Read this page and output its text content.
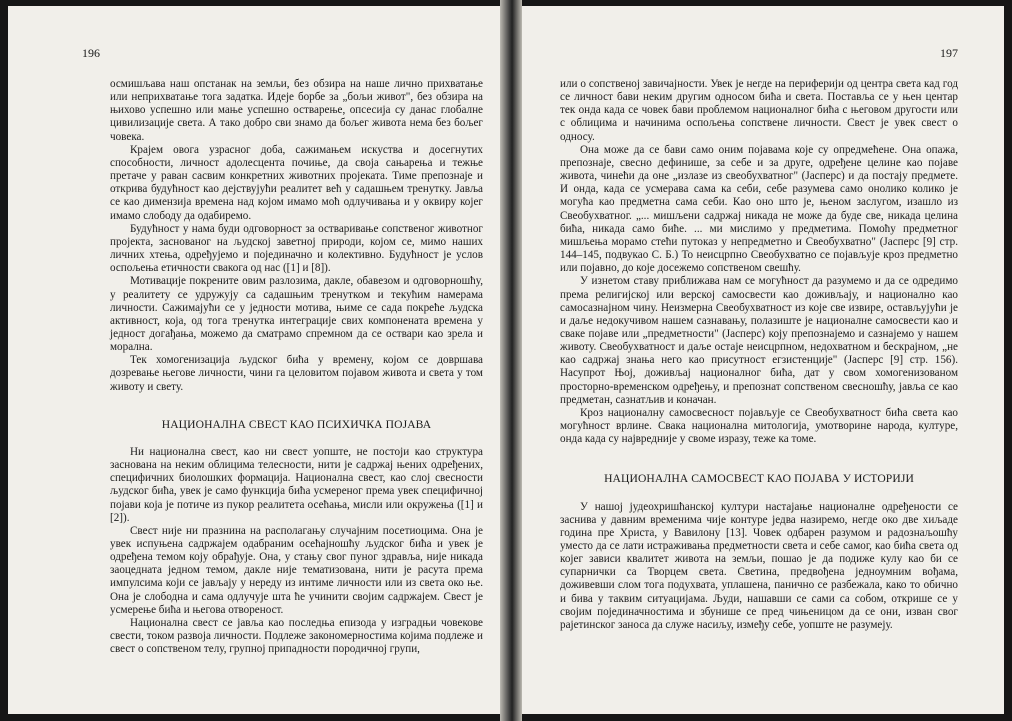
196

осмишљава наш опстанак на земљи, без обзира на наше лично прихватање или неприхватање тога задатка. Идеје борбе за „бољи живот", без обзира на њихово успешно или мање успешно остварење, опсесија су данас глобалне цивилизације света. А тако добро сви знамо да бољег живота нема без бољег човека.

Крајем овога узрасног доба, сажимањем искуства и досегнутих способности, личност адолесцента почиње, да своја сањарења и тежње претаче у раван сасвим конкретних животних пројеката. Тиме препознаје и открива будућност као дејствујући реалитет већ у садашњем тренутку. Јавља се као димензија времена над којом имамо моћ одлучивања и у оквиру којег имамо слободу да одабиремо.

Будућност у нама буди одговорност за остваривање сопственог животног пројекта, заснованог на људској заветној природи, којом се, мимо наших личних хтења, одређујемо и појединачно и колективно. Будућност је услов оспољења етичности свакога од нас ([1] и [8]).

Мотивације покрените овим разлозима, дакле, обавезом и одговорношћу, у реалитету се удружују са садашњим тренутком и текућим намерама личности. Сажимајући се у једности мотива, њиме се сада покреће људска активност, која, од тога тренутка интеграције свих компонената времена у једност догађања, можемо да сматрамо спремном да се оствари као зрела и морална.

Тек хомогенизација људског бића у времену, којом се довршава дозревање његове личности, чини га целовитом појавом живота и света у том животу и свету.

НАЦИОНАЛНА СВЕСТ КАО ПСИХИЧКА ПОЈАВА

Ни национална свест, као ни свест уопште, не постоји као структура заснована на неким облицима телесности, нити је садржај њених одређених, специфичних биолошких формација. Национална свест, као слој свесности људског бића, увек је само функција бића усмереног према увек специфичној појави која је потиче из пукор реалитета осећања, мисли или окружења ([1] и [2]).

Свест није ни празнина на располагању случајним посетиоцима. Она је увек испуњена садржајем одабраним осећајношћу људског бића и увек је одређена темом коју обрађује. Она, у стању свог пуног здравља, није никада заоцедната једном темом, дакле није тематизована, нити је расута према импулсима који се јављају у нереду из интиме личности или из света око ње. Она је слободна и сама одлучује шта ће учинити својим садржајем. Свест је усмерење бића и његова отвореност.

Национална свест се јавља као последња епизода у изградњи човекове свести, током развоја личности. Подлеже закономерностима којима подлеже и свест о сопственом телу, групној припадности породичној групи,

197

или о сопственој завичајности. Увек је негде на периферији од центра света кад год се личност бави неким другим односом бића и света. Поставља се у њен центар тек онда када се човек бави проблемом националног бића с његовом другости или с облицима и начинима оспољења сопствене личности. Свест је увек свест о односу.

Она може да се бави само оним појавама које су опредмећене. Она опажа, препознаје, свесно дефинише, за себе и за друге, одређене целине као појаве живота, чинећи да оне „излазе из свеобухватног" (Јасперс) и да постају предмете. И онда, када се усмерава сама ка себи, себе разумева само онолико колико је могућа као предметна сама себи. Као оно што је, њеном заслугом, изашло из Свеобухватног. „... мишљени садржај никада не може да буде све, никада целина бића, никада само биће. ... ми мислимо у предметима. Помоћу предметног мишљења морамо стећи путоказ у непредметно и Свеобухватно" (Јасперс [9] стр. 144–145, подвукао С. Б.) То неисцрпно Свеобухватно се појављује кроз предметно или појавно, до које досежемо сопственом свешћу.

У изнетом ставу приближава нам се могућност да разумемо и да се одредимо према религијској или верској самосвести као доживљају, и национално као самосазнајном чину. Неизмерна Свеобухватност из које све извире, остављујући је и даље недокучивом нашем сазнавању, полазиште је националне самосвести као и сваке појаве или „предметности" (Јасперс) коју препознајемо и сазнајемо у нашем животу. Свеобухватност и даље остаје неисцрпном, недохватном и бескрајном, „не као садржај знања него као присутност егзистенције" (Јасперс [9] стр. 156). Насупрот Њој, доживљај националног бића, дат у свом хомогенизованом просторно-временском одређењу, и препознат сопственом свесношћу, јавља се као предметан, сазнатљив и коначан.

Кроз националну самосвесност појављује се Свеобухватност бића света као могућност врлине. Свака национална митологија, умотворине народа, културе, онда када су највредније у своме изразу, теже ка томе.

НАЦИОНАЛНА САМОСВЕСТ КАО ПОЈАВА У ИСТОРИЈИ

У нашој јудеохришћанској култури настајање националне одређености се заснива у давним временима чије контуре једва назиремо, негде око две хиљаде година пре Христа, у Вавилону [13]. Човек одбарен разумом и радознаљошћу уместо да се лати истраживања предметности света и себе самог, као бића света од којег зависи квалитет живота на земљи, пошао је да подиже кулу као би се супарнички са Творцем света. Светина, предвођена једноумним вођама, доживевши слом тога подухвата, уплашена, панично се разбежала, како то обично и бива у таквим ситуацијама. Људи, нашавши се сами са собом, открише се у својим појединачностима и збунише се пред чињеницом да се они, изван свог рајетинског заноса да служе насиљу, између себе, уопште не разумеју.
